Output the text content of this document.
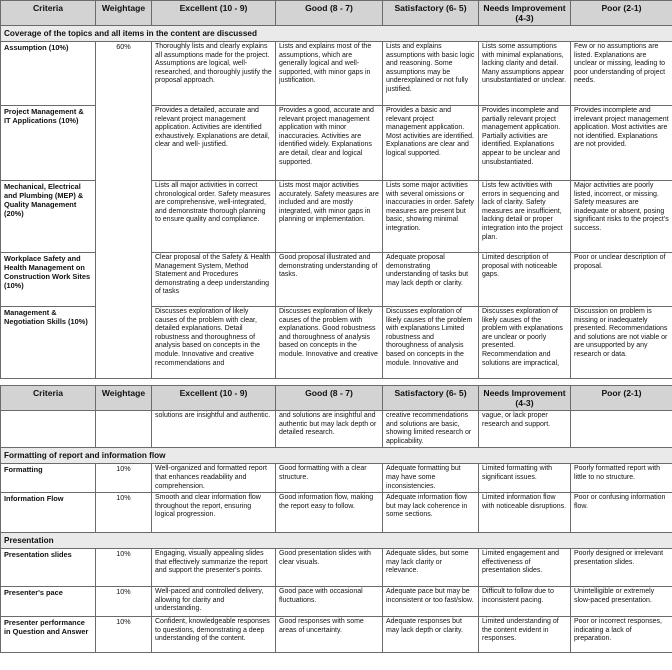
Criteria	Weightage	Excellent (10 - 9)	Good (8 - 7)	Satisfactory (6- 5)	Needs Improvement (4-3)	Poor (2-1)
Coverage of the topics and all items in the content are discussed						
Assumption (10%)	60%	Thoroughly lists and clearly explains all assumptions made for the project. Assumptions are logical, well-researched, and thoroughly justify the proposal approach.	Lists and explains most of the assumptions, which are generally logical and well-supported, with minor gaps in justification.	Lists and explains assumptions with basic logic and reasoning. Some assumptions may be underexplained or not fully justified.	Lists some assumptions with minimal explanations, lacking clarity and detail. Many assumptions appear unsubstantiated or unclear.	Few or no assumptions are listed. Explanations are unclear or missing, leading to poor understanding of project needs.
Project Management & IT Applications (10%)		Provides a detailed, accurate and relevant project management application. Activities are identified exhaustively. Explanations are detail, clear and well- justified.	Provides a good, accurate and relevant project management application with minor inaccuracies. Activities are identified widely. Explanations are detail, clear and logical supported.	Provides a basic and relevant project management application. Most activities are identified. Explanations are clear and logical supported.	Provides incomplete and partially relevant project management application. Partially activities are identified. Explanations appear to be unclear and unsubstantiated.	Provides incomplete and irrelevant project management application. Most activities are not identified. Explanations are not provided.
Mechanical, Electrical and Plumbing (MEP) & Quality Management (20%)		Lists all major activities in correct chronological order. Safety measures are comprehensive, well-integrated, and demonstrate thorough planning to ensure quality and compliance.	Lists most major activities accurately. Safety measures are included and are mostly integrated, with minor gaps in planning or implementation.	Lists some major activities with several omissions or inaccuracies in order. Safety measures are present but basic, showing minimal integration.	Lists few activities with errors in sequencing and lack of clarity. Safety measures are insufficient, lacking detail or proper integration into the project plan.	Major activities are poorly listed, incorrect, or missing. Safety measures are inadequate or absent, posing significant risks to the project's success.
Workplace Safety and Health Management on Construction Work Sites (10%)		Clear proposal of the Safety & Health Management System, Method Statement and Procedures demonstrating a deep understanding of tasks	Good proposal illustrated and demonstrating understanding of tasks.	Adequate proposal demonstrating understanding of tasks but may lack depth or clarity.	Limited description of proposal with noticeable gaps.	Poor or unclear description of proposal.
Management & Negotiation Skills (10%)		Discusses exploration of likely causes of the problem with clear, detailed explanations. Detail robustness and thoroughness of analysis based on concepts in the module. Innovative and creative recommendations and	Discusses exploration of likely causes of the problem with explanations. Good robustness and thoroughness of analysis based on concepts in the module. Innovative and creative	Discusses exploration of likely causes of the problem with explanations Limited robustness and thoroughness of analysis based on concepts in the module. Innovative and	Discusses exploration of likely causes of the problem with explanations are unclear or poorly presented. Recommendation and solutions are impractical,	Discussion on problem is missing or inadequately presented. Recommendations and solutions are not viable or are unsupported by any research or data.

Criteria	Weightage	Excellent (10 - 9)	Good (8 - 7)	Satisfactory (6- 5)	Needs Improvement (4-3)	Poor (2-1)
		solutions are insightful and authentic.	and solutions are insightful and authentic but may lack depth or detailed research.	creative recommendations and solutions are basic, showing limited research or applicability.	vague, or lack proper research and support.	
Formatting of report and information flow						
Formatting	10%	Well-organized and formatted report that enhances readability and comprehension.	Good formatting with a clear structure.	Adequate formatting but may have some inconsistencies.	Limited formatting with significant issues.	Poorly formatted report with little to no structure.
Information Flow	10%	Smooth and clear information flow throughout the report, ensuring logical progression.	Good information flow, making the report easy to follow.	Adequate information flow but may lack coherence in some sections.	Limited information flow with noticeable disruptions.	Poor or confusing information flow.
Presentation						
Presentation slides	10%	Engaging, visually appealing slides that effectively summarize the report and support the presenter's points.	Good presentation slides with clear visuals.	Adequate slides, but some may lack clarity or relevance.	Limited engagement and effectiveness of presentation slides.	Poorly designed or irrelevant presentation slides.
Presenter's pace	10%	Well-paced and controlled delivery, allowing for clarity and understanding.	Good pace with occasional fluctuations.	Adequate pace but may be inconsistent or too fast/slow.	Difficult to follow due to inconsistent pacing.	Unintelligible or extremely slow-paced presentation.
Presenter performance in Question and Answer	10%	Confident, knowledgeable responses to questions, demonstrating a deep understanding of the content.	Good responses with some areas of uncertainty.	Adequate responses but may lack depth or clarity.	Limited understanding of the content evident in responses.	Poor or incorrect responses, indicating a lack of preparation.
